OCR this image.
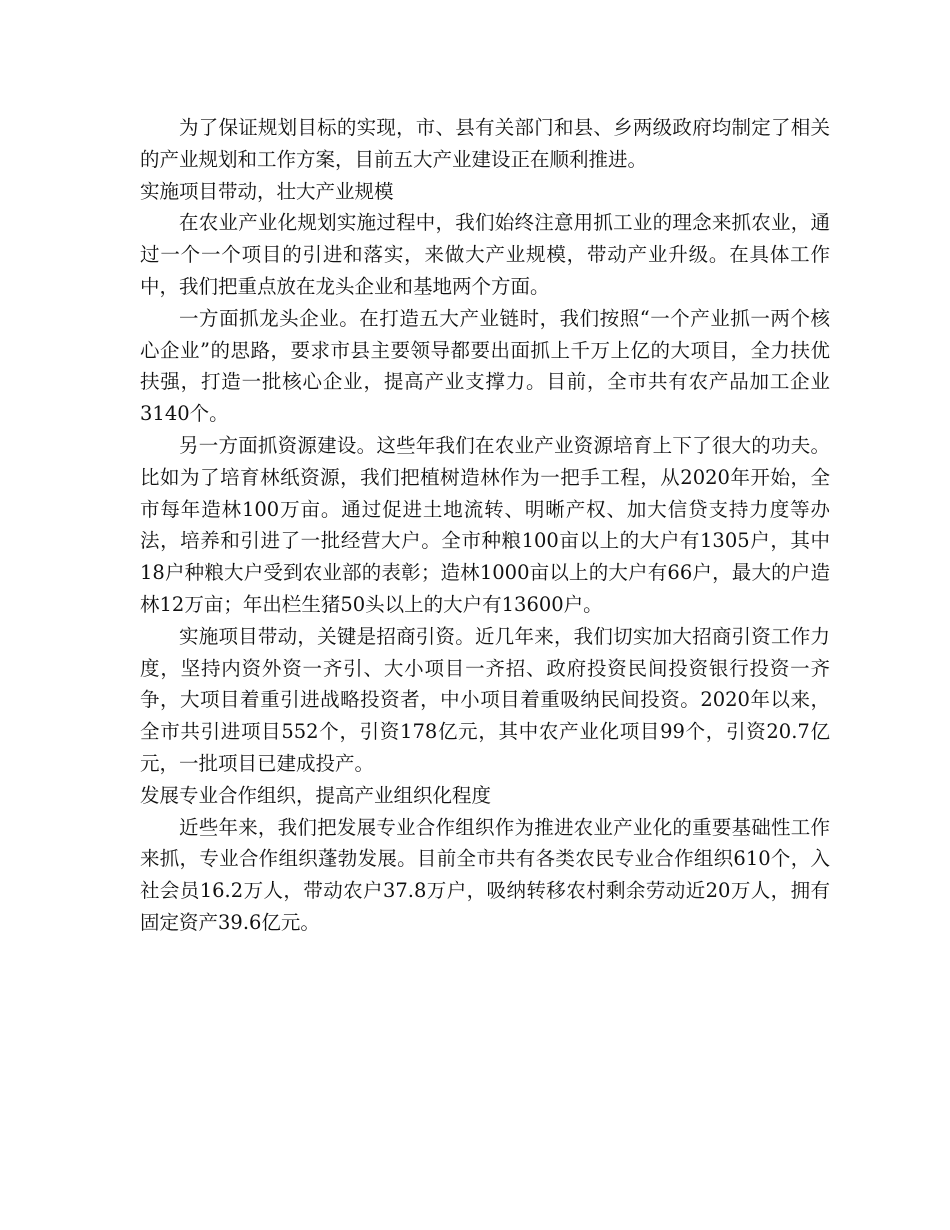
为了保证规划目标的实现，市、县有关部门和县、乡两级政府均制定了相关的产业规划和工作方案，目前五大产业建设正在顺利推进。

实施项目带动，壮大产业规模

在农业产业化规划实施过程中，我们始终注意用抓工业的理念来抓农业，通过一个一个项目的引进和落实，来做大产业规模，带动产业升级。在具体工作中，我们把重点放在龙头企业和基地两个方面。

一方面抓龙头企业。在打造五大产业链时，我们按照“一个产业抓一两个核心企业”的思路，要求市县主要领导都要出面抓上千万上亿的大项目，全力扶优扶强，打造一批核心企业，提高产业支撑力。目前，全市共有农产品加工企业3140个。

另一方面抓资源建设。这些年我们在农业产业资源培育上下了很大的功夫。比如为了培育林纸资源，我们把植树造林作为一把手工程，从2020年开始，全市每年造林100万亩。通过促进土地流转、明晰产权、加大信贷支持力度等办法，培养和引进了一批经营大户。全市种粮100亩以上的大户有1305户，其中18户种粮大户受到农业部的表彰；造林1000亩以上的大户有66户，最大的户造林12万亩；年出栏生猪50头以上的大户有13600户。

实施项目带动，关键是招商引资。近几年来，我们切实加大招商引资工作力度，坚持内资外资一齐引、大小项目一齐招、政府投资民间投资银行投资一齐争，大项目着重引进战略投资者，中小项目着重吸纳民间投资。2020年以来，全市共引进项目552个，引资178亿元，其中农产业化项目99个，引资20.7亿元，一批项目已建成投产。

发展专业合作组织，提高产业组织化程度

近些年来，我们把发展专业合作组织作为推进农业产业化的重要基础性工作来抓，专业合作组织蓬勃发展。目前全市共有各类农民专业合作组织610个，入社会员16.2万人，带动农户37.8万户，吸纳转移农村剩余劳动近20万人，拥有固定资产39.6亿元。
